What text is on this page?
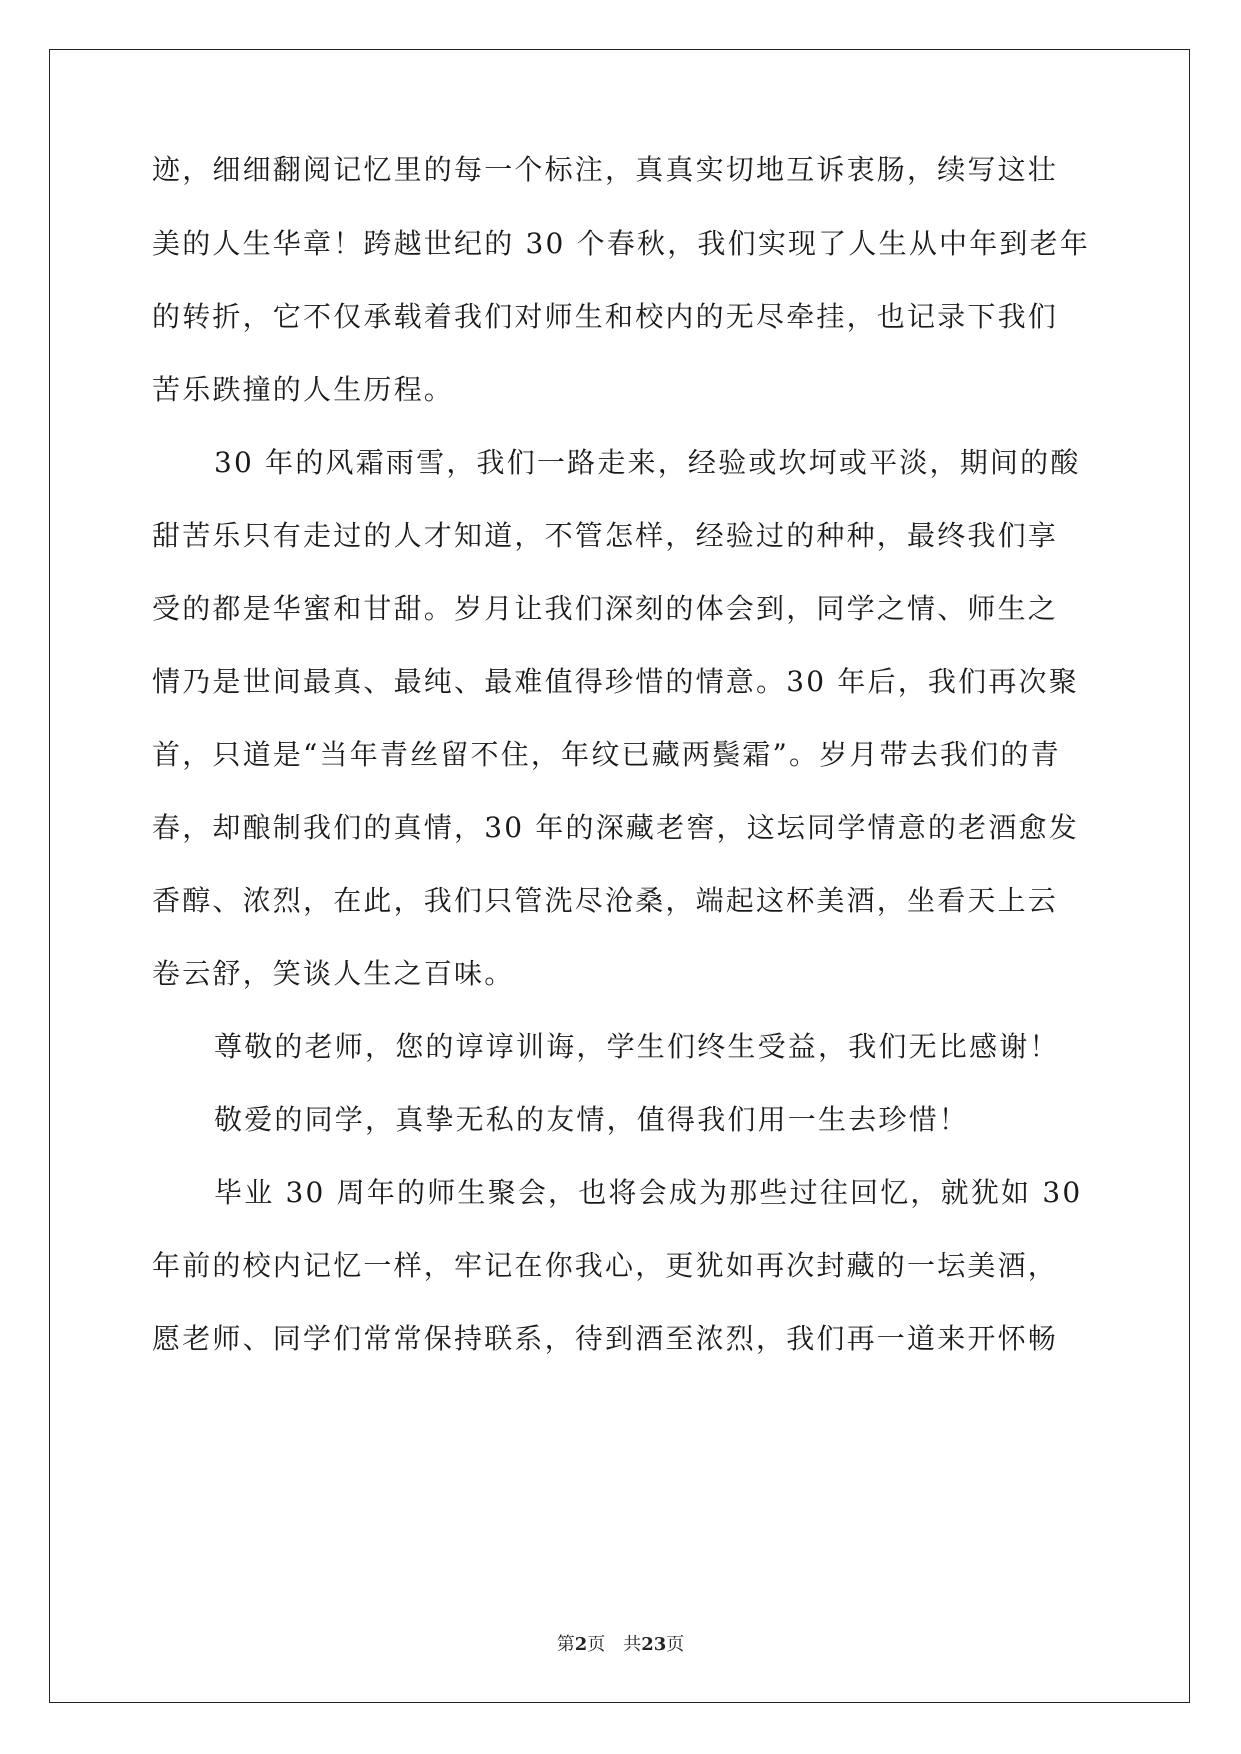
迹，细细翻阅记忆里的每一个标注，真真实切地互诉衷肠，续写这壮
美的人生华章！跨越世纪的 30 个春秋，我们实现了人生从中年到老年
的转折，它不仅承载着我们对师生和校内的无尽牵挂，也记录下我们
苦乐跌撞的人生历程。
30 年的风霜雨雪，我们一路走来，经验或坎坷或平淡，期间的酸
甜苦乐只有走过的人才知道，不管怎样，经验过的种种，最终我们享
受的都是华蜜和甘甜。岁月让我们深刻的体会到，同学之情、师生之
情乃是世间最真、最纯、最难值得珍惜的情意。30 年后，我们再次聚
首，只道是“当年青丝留不住，年纹已藏两鬓霜”。岁月带去我们的青
春，却酿制我们的真情，30 年的深藏老窖，这坛同学情意的老酒愈发
香醇、浓烈，在此，我们只管洗尽沧桑，端起这杯美酒，坐看天上云
卷云舒，笑谈人生之百味。
尊敬的老师，您的谆谆训诲，学生们终生受益，我们无比感谢！
敬爱的同学，真挚无私的友情，值得我们用一生去珍惜！
毕业 30 周年的师生聚会，也将会成为那些过往回忆，就犹如 30
年前的校内记忆一样，牢记在你我心，更犹如再次封藏的一坛美酒，
愿老师、同学们常常保持联系，待到酒至浓烈，我们再一道来开怀畅
第2页 共23页
